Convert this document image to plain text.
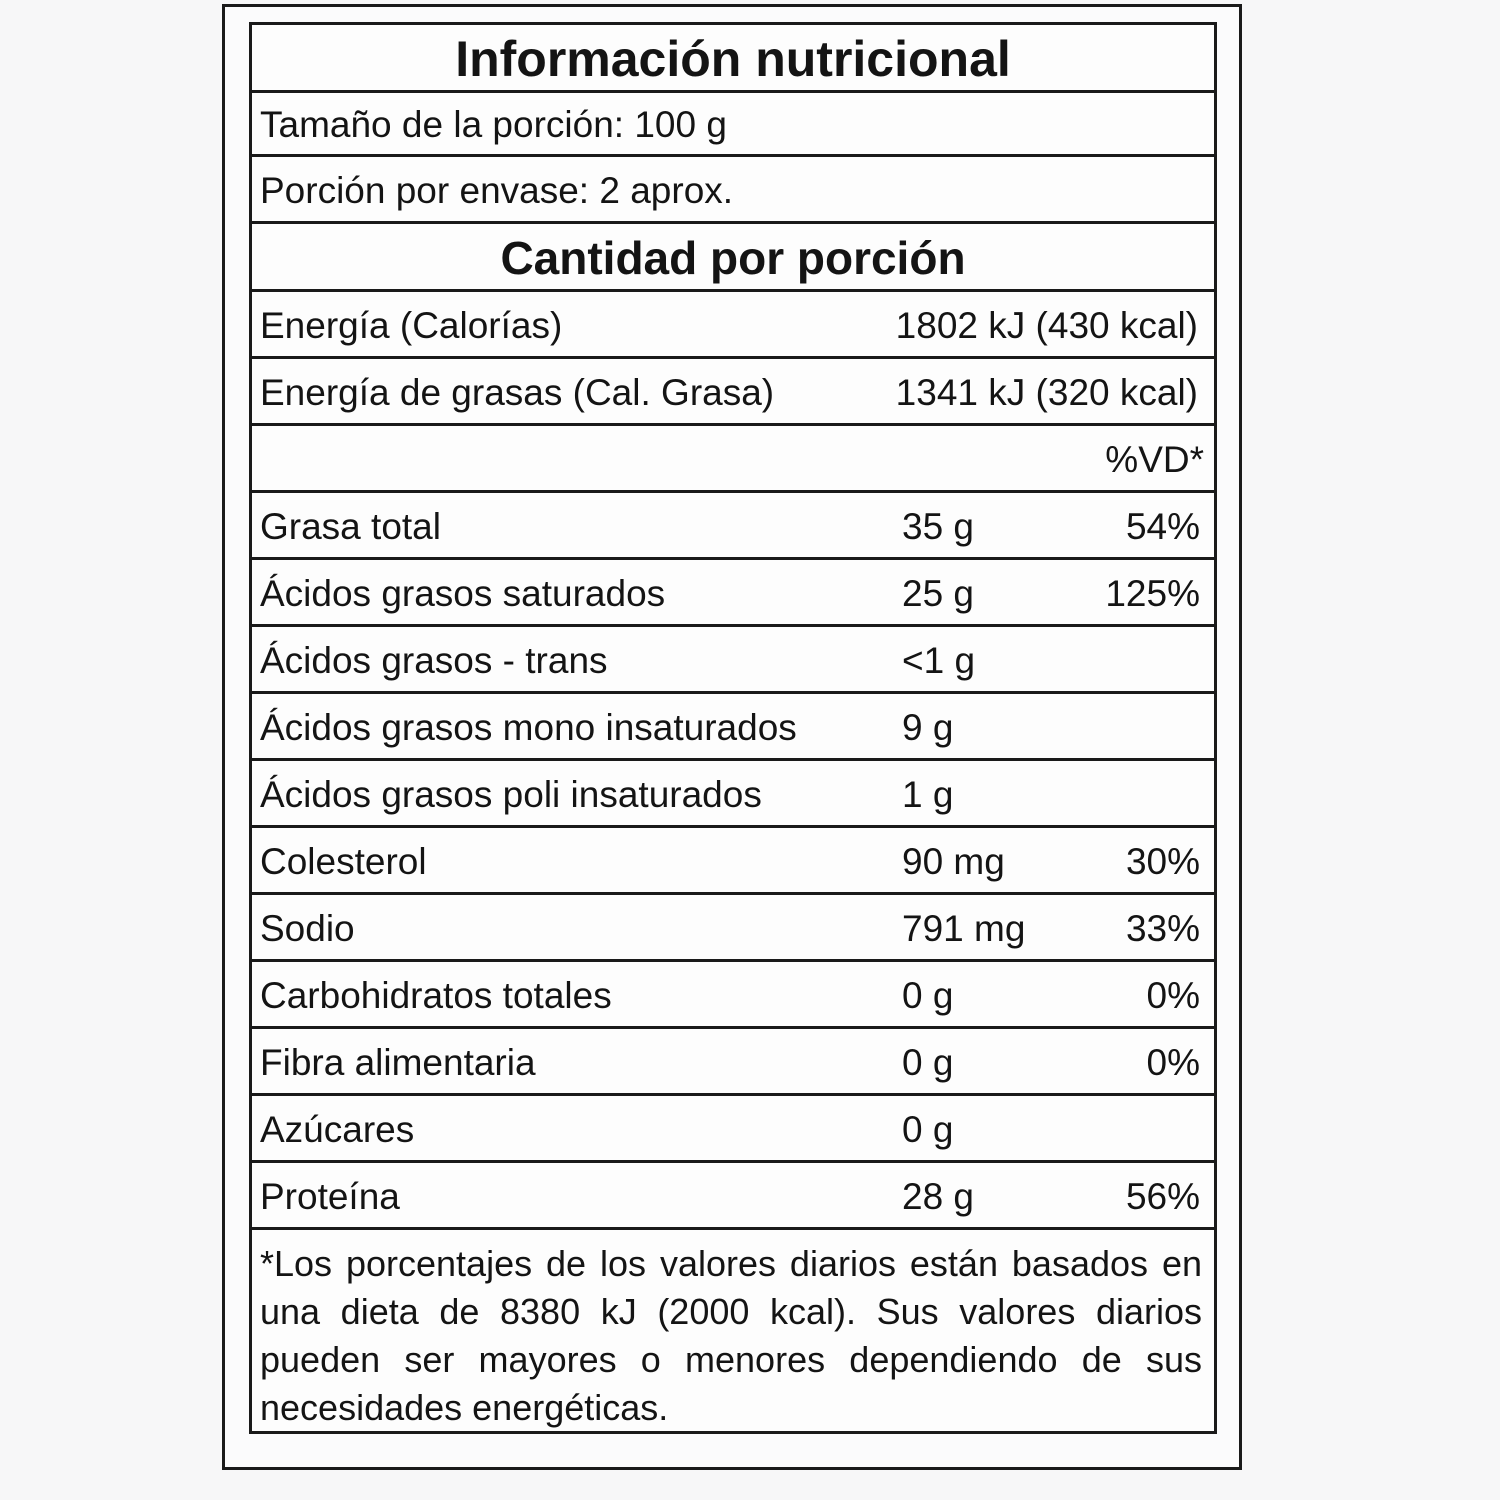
Información nutricional
Tamaño de la porción: 100 g
Porción por envase: 2 aprox.
Cantidad por porción
Energía (Calorías)	1802 kJ (430 kcal)
Energía de grasas (Cal. Grasa)	1341 kJ (320 kcal)
%VD*
Grasa total	35 g	54%
Ácidos grasos saturados	25 g	125%
Ácidos grasos - trans	<1 g
Ácidos grasos mono insaturados	9 g
Ácidos grasos poli insaturados	1 g
Colesterol	90 mg	30%
Sodio	791 mg	33%
Carbohidratos totales	0 g	0%
Fibra alimentaria	0 g	0%
Azúcares	0 g
Proteína	28 g	56%
*Los porcentajes de los valores diarios están basados en una dieta de 8380 kJ (2000 kcal). Sus valores diarios pueden ser mayores o menores dependiendo de sus necesidades energéticas.
